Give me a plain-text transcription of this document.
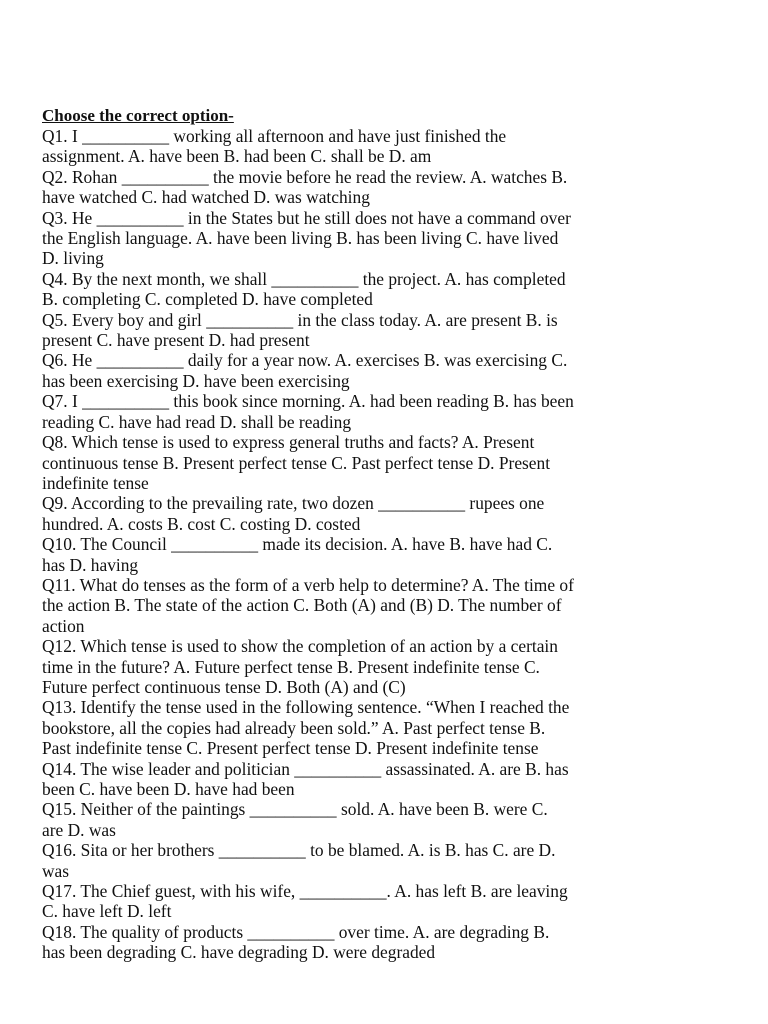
Choose the correct option-

Q1. I __________ working all afternoon and have just finished the

assignment. A. have been B. had been C. shall be D. am

Q2. Rohan __________ the movie before he read the review. A. watches B.

have watched C. had watched D. was watching

Q3. He __________ in the States but he still does not have a command over

the English language. A. have been living B. has been living C. have lived

D. living

Q4. By the next month, we shall __________ the project. A. has completed

B. completing C. completed D. have completed

Q5. Every boy and girl __________ in the class today. A. are present B. is

present C. have present D. had present

Q6. He __________ daily for a year now. A. exercises B. was exercising C.

has been exercising D. have been exercising

Q7. I __________ this book since morning. A. had been reading B. has been

reading C. have had read D. shall be reading

Q8. Which tense is used to express general truths and facts? A. Present

continuous tense B. Present perfect tense C. Past perfect tense D. Present

indefinite tense

Q9. According to the prevailing rate, two dozen __________ rupees one

hundred. A. costs B. cost C. costing D. costed

Q10. The Council __________ made its decision. A. have B. have had C.

has D. having

Q11. What do tenses as the form of a verb help to determine? A. The time of

the action B. The state of the action C. Both (A) and (B) D. The number of

action

Q12. Which tense is used to show the completion of an action by a certain

time in the future? A. Future perfect tense B. Present indefinite tense C.

Future perfect continuous tense D. Both (A) and (C)

Q13. Identify the tense used in the following sentence. “When I reached the

bookstore, all the copies had already been sold.” A. Past perfect tense B.

Past indefinite tense C. Present perfect tense D. Present indefinite tense

Q14. The wise leader and politician __________ assassinated. A. are B. has

been C. have been D. have had been

Q15. Neither of the paintings __________ sold. A. have been B. were C.

are D. was

Q16. Sita or her brothers __________ to be blamed. A. is B. has C. are D.

was

Q17. The Chief guest, with his wife, __________. A. has left B. are leaving

C. have left D. left

Q18. The quality of products __________ over time. A. are degrading B.

has been degrading C. have degrading D. were degraded
